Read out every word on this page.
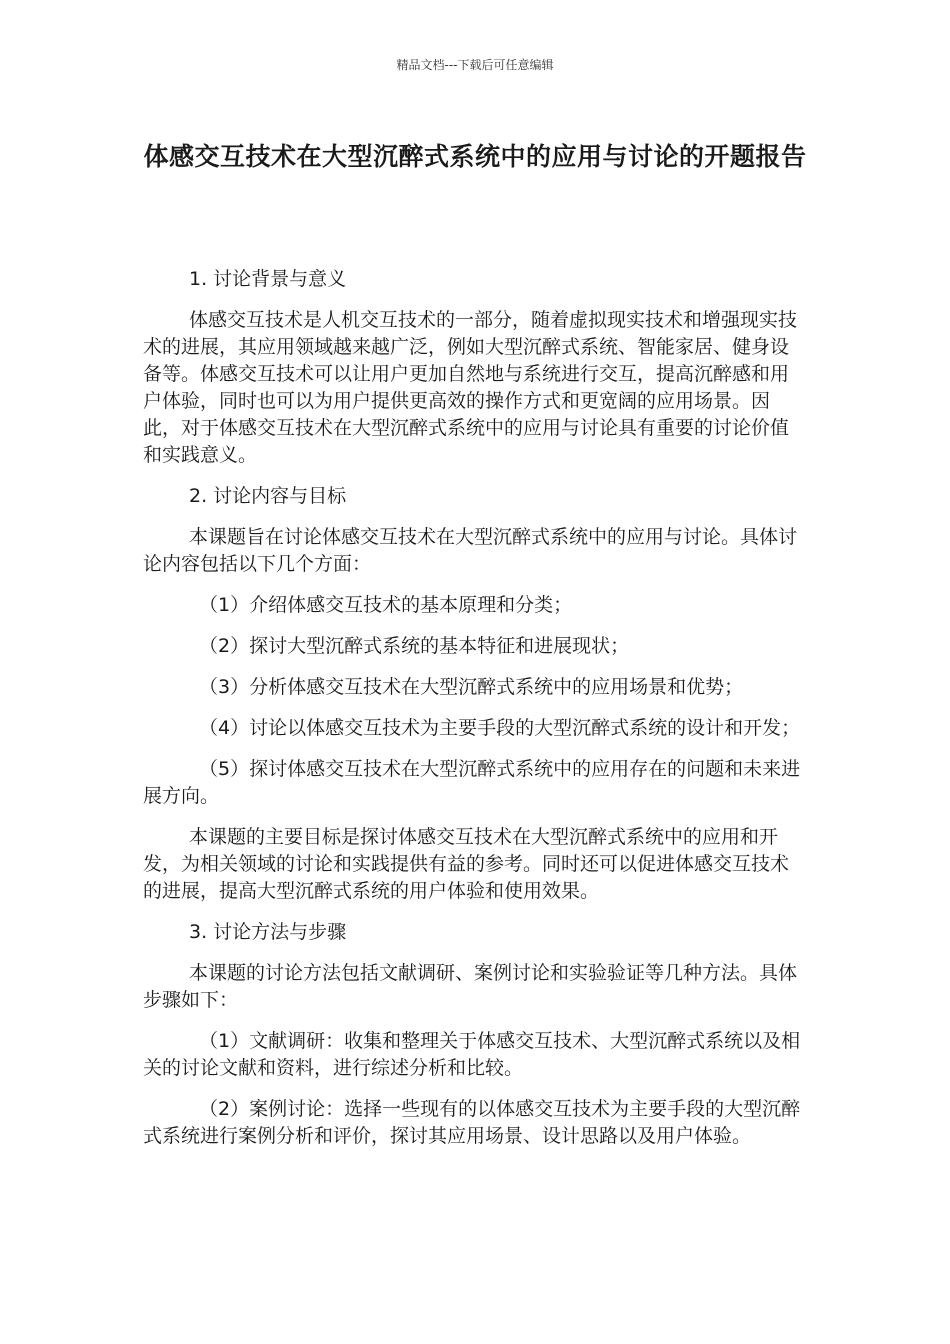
精品文档---下载后可任意编辑
体感交互技术在大型沉醉式系统中的应用与讨论的开题报告

1. 讨论背景与意义

体感交互技术是人机交互技术的一部分，随着虚拟现实技术和增强现实技术的进展，其应用领域越来越广泛，例如大型沉醉式系统、智能家居、健身设备等。体感交互技术可以让用户更加自然地与系统进行交互，提高沉醉感和用户体验，同时也可以为用户提供更高效的操作方式和更宽阔的应用场景。因此，对于体感交互技术在大型沉醉式系统中的应用与讨论具有重要的讨论价值和实践意义。

2. 讨论内容与目标

本课题旨在讨论体感交互技术在大型沉醉式系统中的应用与讨论。具体讨论内容包括以下几个方面：

（1）介绍体感交互技术的基本原理和分类；

（2）探讨大型沉醉式系统的基本特征和进展现状；

（3）分析体感交互技术在大型沉醉式系统中的应用场景和优势；

（4）讨论以体感交互技术为主要手段的大型沉醉式系统的设计和开发；

（5）探讨体感交互技术在大型沉醉式系统中的应用存在的问题和未来进展方向。

本课题的主要目标是探讨体感交互技术在大型沉醉式系统中的应用和开发，为相关领域的讨论和实践提供有益的参考。同时还可以促进体感交互技术的进展，提高大型沉醉式系统的用户体验和使用效果。

3. 讨论方法与步骤

本课题的讨论方法包括文献调研、案例讨论和实验验证等几种方法。具体步骤如下：

（1）文献调研：收集和整理关于体感交互技术、大型沉醉式系统以及相关的讨论文献和资料，进行综述分析和比较。

（2）案例讨论：选择一些现有的以体感交互技术为主要手段的大型沉醉式系统进行案例分析和评价，探讨其应用场景、设计思路以及用户体验。
